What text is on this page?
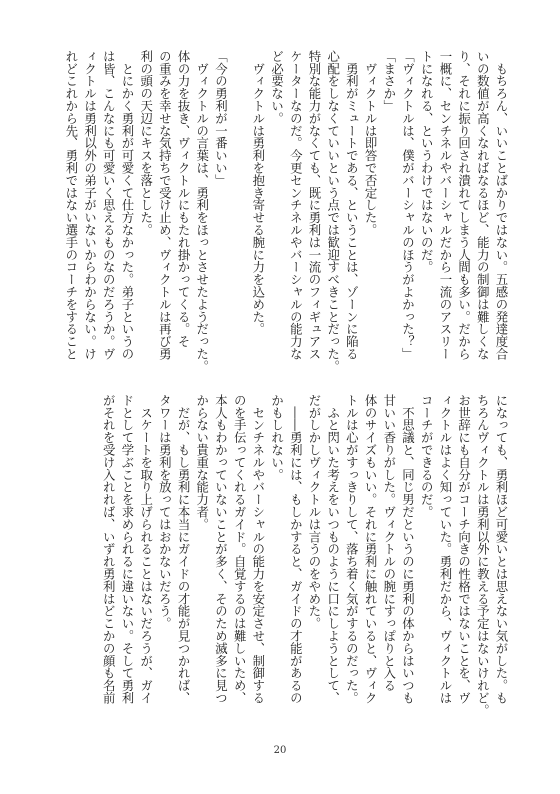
　もちろん、いいことばかりではない。五感の発達度合
いの数値が高くなればなるほど、能力の制御は難しくな
り、それに振り回され潰れてしまう人間も多い。だから
一概に、センチネルやバーシャルだから一流のアスリー
トになれる、というわけではないのだ。
「ヴィクトルは、僕がバーシャルのほうがよかった？」
「まさか」
　ヴィクトルは即答で否定した。
　勇利がミュートである、ということは、ゾーンに陥る
心配をしなくていいという点では歓迎すべきことだった。
特別な能力がなくても、既に勇利は一流のフィギュアス
ケーターなのだ。今更センチネルやバーシャルの能力な
ど必要ない。
　ヴィクトルは勇利を抱き寄せる腕に力を込めた。
「今の勇利が一番いい」
　ヴィクトルの言葉は、勇利をほっとさせたようだった。
体の力を抜き、ヴィクトルにもたれ掛かってくる。そ
の重みを幸せな気持ちで受け止め、ヴィクトルは再び勇
利の頭の天辺にキスを落とした。
　とにかく勇利が可愛くて仕方なかった。弟子というの
は皆、こんなにも可愛いく思えるものなのだろうか。ヴ
ィクトルは勇利以外の弟子がいないからわからない。け
れどこれから先、勇利ではない選手のコーチをすること
になっても、勇利ほど可愛いとは思えない気がした。も
ちろんヴィクトルは勇利以外に教える予定はないけれど。
お世辞にも自分がコーチ向きの性格ではないことを、ヴ
ィクトルはよく知っていた。勇利だから、ヴィクトルは
コーチができるのだ。
　不思議と、同じ男だというのに勇利の体からはいつも
甘いい香りがした。ヴィクトルの腕にすっぽりと入る
体のサイズもいい。それに勇利に触れていると、ヴィク
トルは心がすっきりして、落ち着く気がするのだった。
　ふと閃いた考えをいつものように口にしようとして、
だがしかしヴィクトルは言うのをやめた。
　――勇利には、もしかすると、ガイドの才能があるの
かもしれない。
　センチネルやバーシャルの能力を安定させ、制御する
のを手伝ってくれるガイド。自覚するのは難しいため、
本人もわかっていないことが多く、そのため滅多に見つ
からない貴重な能力者。
　だが、もし勇利に本当にガイドの才能が見つかれば、
タワーは勇利を放ってはおかないだろう。
　スケートを取り上げられることはないだろうが、ガイ
ドとして学ぶことを求められるに違いない。そして勇利
がそれを受け入れれば、いずれ勇利はどこかの顔も名前
20
